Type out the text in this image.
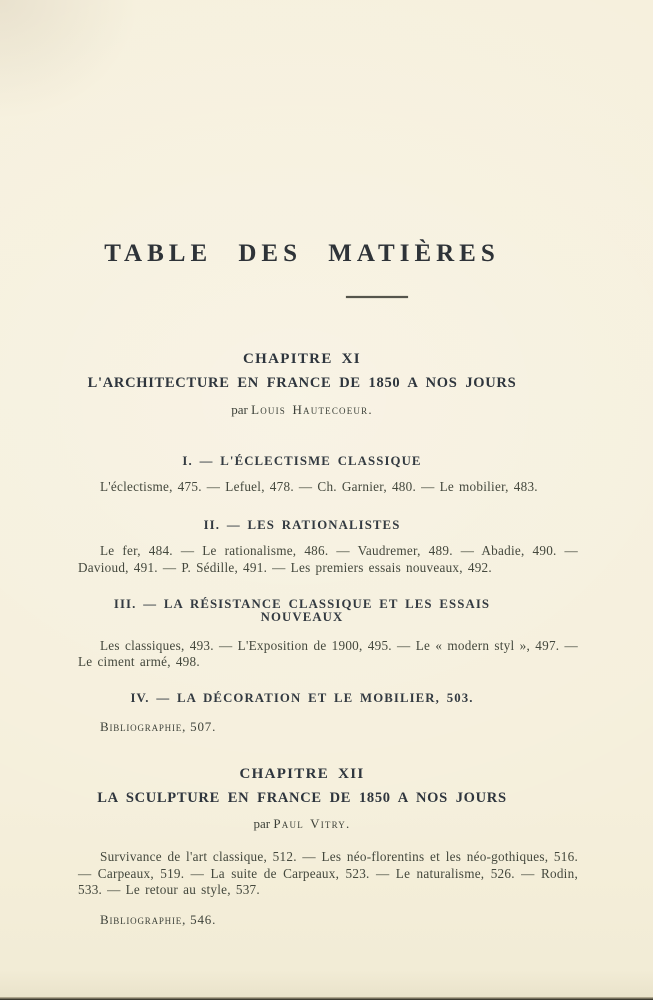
TABLE DES MATIÈRES
CHAPITRE XI
L'ARCHITECTURE EN FRANCE DE 1850 A NOS JOURS
par Louis Hautecoeur.
I. — L'ÉCLECTISME CLASSIQUE

L'éclectisme, 475. — Lefuel, 478. — Ch. Garnier, 480. — Le mobilier, 483.

II. — LES RATIONALISTES

Le fer, 484. — Le rationalisme, 486. — Vaudremer, 489. — Abadie, 490. — Davioud, 491. — P. Sédille, 491. — Les premiers essais nouveaux, 492.

III. — LA RÉSISTANCE CLASSIQUE ET LES ESSAIS NOUVEAUX

Les classiques, 493. — L'Exposition de 1900, 495. — Le « modern styl », 497. — Le ciment armé, 498.

IV. — LA DÉCORATION ET LE MOBILIER, 503.
Bibliographie, 507.
CHAPITRE XII
LA SCULPTURE EN FRANCE DE 1850 A NOS JOURS
par Paul Vitry.

Survivance de l'art classique, 512. — Les néo-florentins et les néo-gothiques, 516. — Carpeaux, 519. — La suite de Carpeaux, 523. — Le naturalisme, 526. — Rodin, 533. — Le retour au style, 537.

Bibliographie, 546.
